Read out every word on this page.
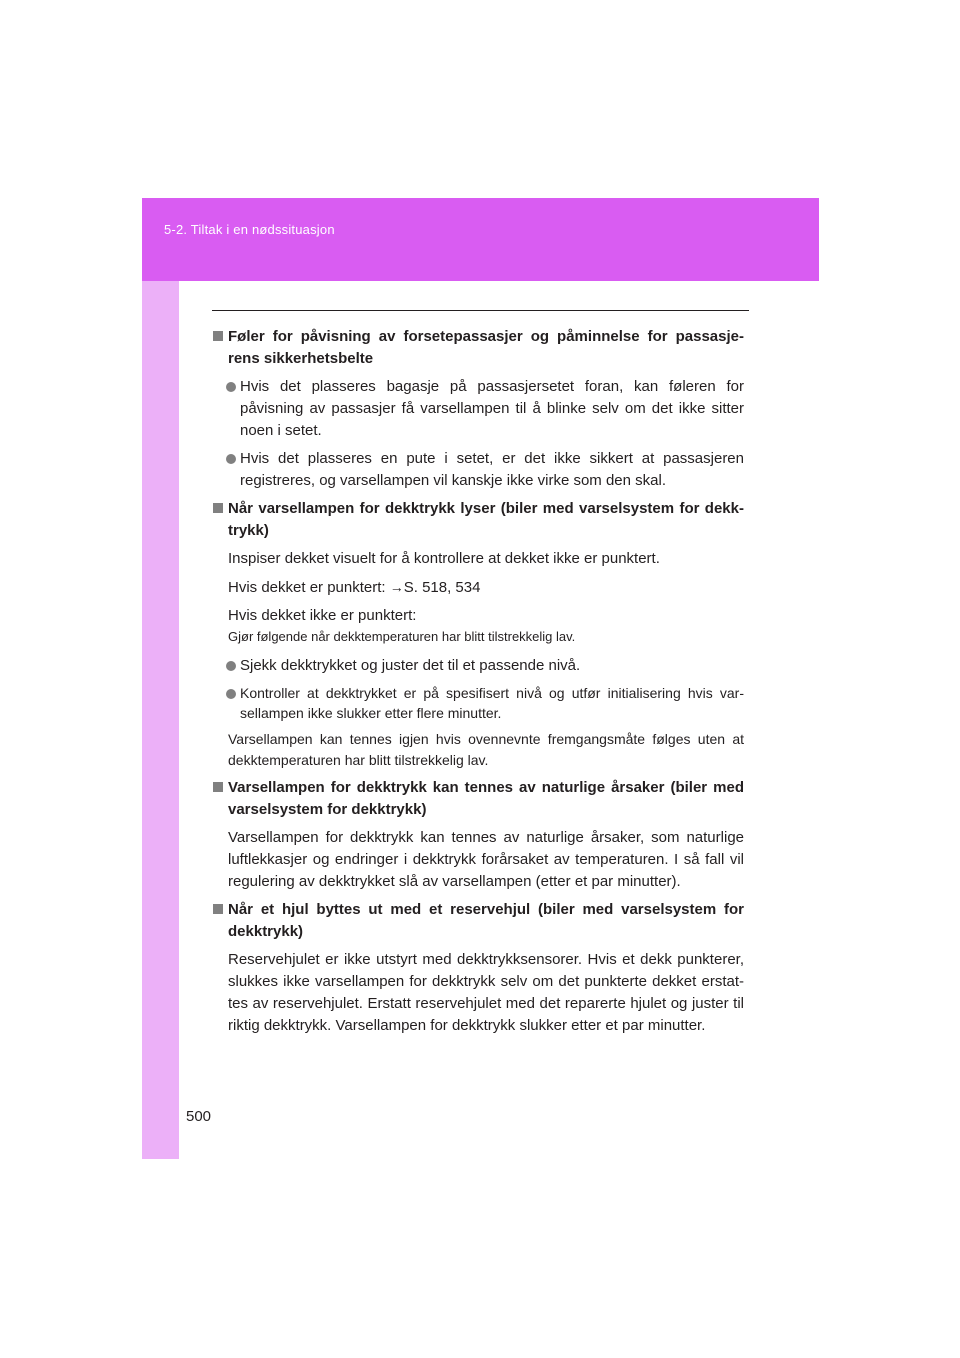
5-2. Tiltak i en nødssituasjon
Føler for påvisning av forsetepassasjer og påminnelse for passasje-rens sikkerhetsbelte
Hvis det plasseres bagasje på passasjersetet foran, kan føleren for påvisning av passasjer få varsellampen til å blinke selv om det ikke sitter noen i setet.
Hvis det plasseres en pute i setet, er det ikke sikkert at passasjeren registreres, og varsellampen vil kanskje ikke virke som den skal.
Når varsellampen for dekktrykk lyser (biler med varselsystem for dekk-trykk)
Inspiser dekket visuelt for å kontrollere at dekket ikke er punktert.
Hvis dekket er punktert: →S. 518, 534
Hvis dekket ikke er punktert:
Gjør følgende når dekktemperaturen har blitt tilstrekkelig lav.
Sjekk dekktrykket og juster det til et passende nivå.
Kontroller at dekktrykket er på spesifisert nivå og utfør initialisering hvis var-sellampen ikke slukker etter flere minutter.
Varsellampen kan tennes igjen hvis ovennevnte fremgangsmåte følges uten at dekktemperaturen har blitt tilstrekkelig lav.
Varsellampen for dekktrykk kan tennes av naturlige årsaker (biler med varselsystem for dekktrykk)
Varsellampen for dekktrykk kan tennes av naturlige årsaker, som naturlige luftlekkasjer og endringer i dekktrykk forårsaket av temperaturen. I så fall vil regulering av dekktrykket slå av varsellampen (etter et par minutter).
Når et hjul byttes ut med et reservehjul (biler med varselsystem for dekktrykk)
Reservehjulet er ikke utstyrt med dekktrykksensorer. Hvis et dekk punkterer, slukkes ikke varsellampen for dekktrykk selv om det punkterte dekket erstat-tes av reservehjulet. Erstatt reservehjulet med det reparerte hjulet og juster til riktig dekktrykk. Varsellampen for dekktrykk slukker etter et par minutter.
500
